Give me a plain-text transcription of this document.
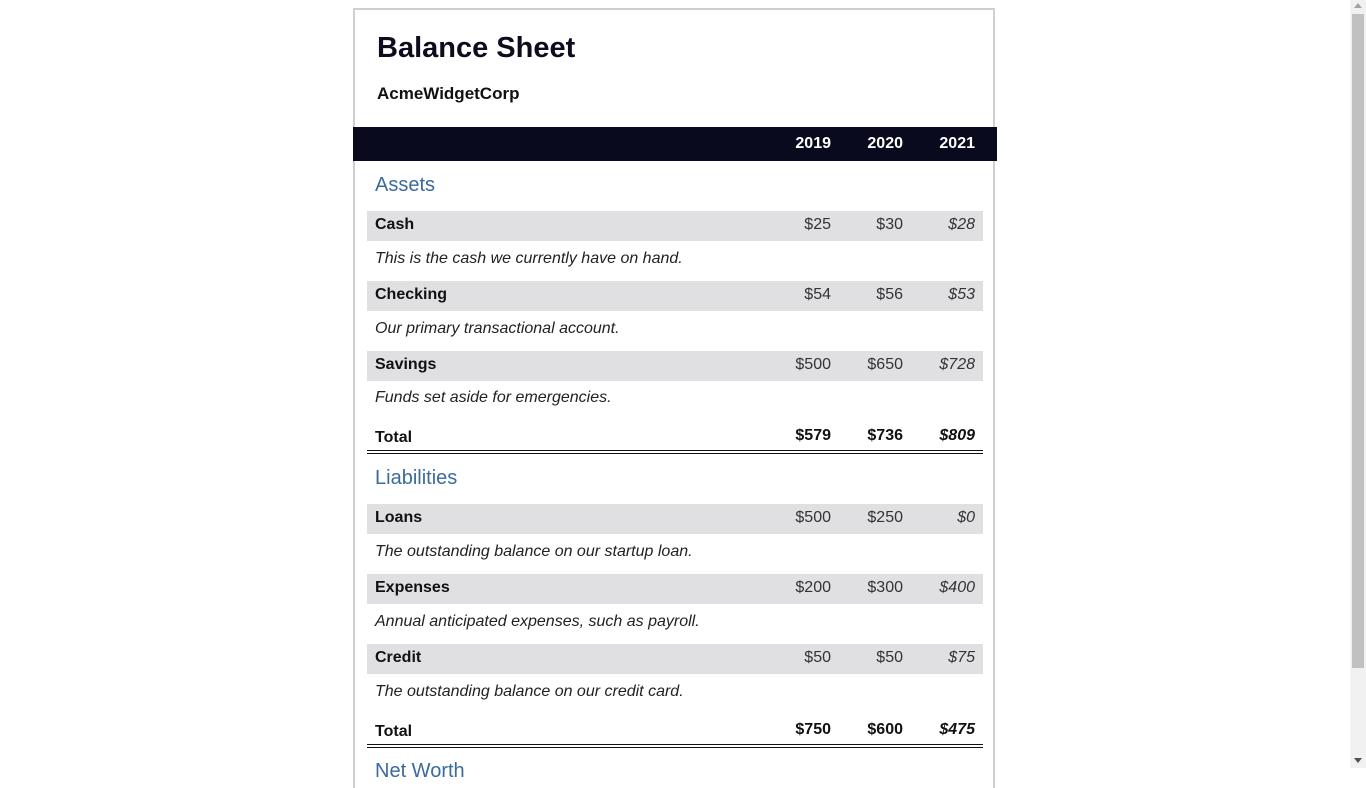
Balance Sheet
AcmeWidgetCorp
2019	2020	2021
Assets
Cash	$25	$30	$28
This is the cash we currently have on hand.
Checking	$54	$56	$53
Our primary transactional account.
Savings	$500	$650	$728
Funds set aside for emergencies.
Total	$579	$736	$809
Liabilities
Loans	$500	$250	$0
The outstanding balance on our startup loan.
Expenses	$200	$300	$400
Annual anticipated expenses, such as payroll.
Credit	$50	$50	$75
The outstanding balance on our credit card.
Total	$750	$600	$475
Net Worth
